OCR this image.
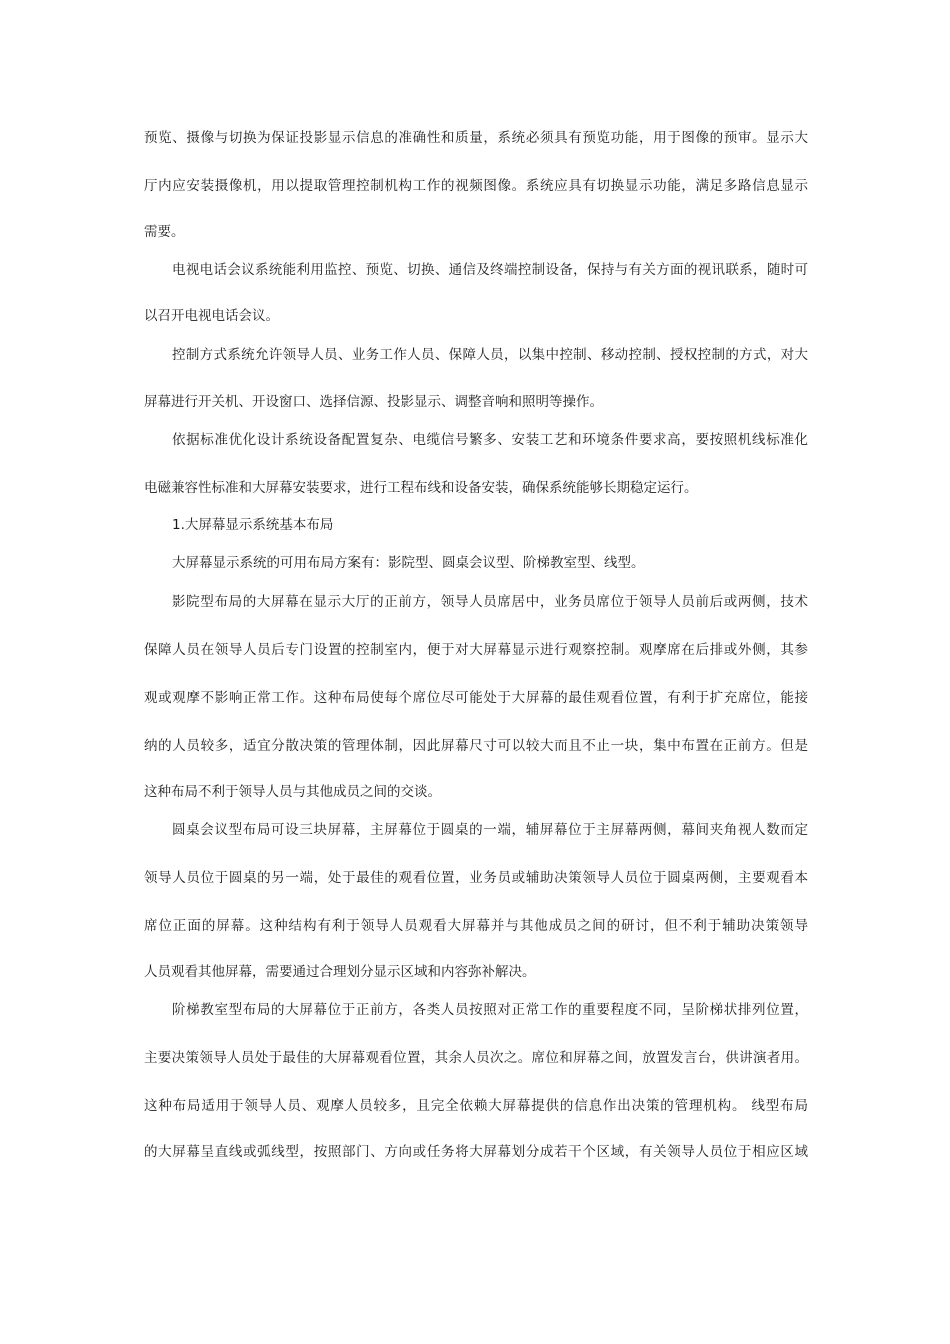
预览、摄像与切换为保证投影显示信息的准确性和质量，系统必须具有预览功能，用于图像的预审。显示大
厅内应安装摄像机，用以提取管理控制机构工作的视频图像。系统应具有切换显示功能，满足多路信息显示
需要。
电视电话会议系统能利用监控、预览、切换、通信及终端控制设备，保持与有关方面的视讯联系，随时可
以召开电视电话会议。
控制方式系统允许领导人员、业务工作人员、保障人员，以集中控制、移动控制、授权控制的方式，对大
屏幕进行开关机、开设窗口、选择信源、投影显示、调整音响和照明等操作。
依据标准优化设计系统设备配置复杂、电缆信号繁多、安装工艺和环境条件要求高，要按照机线标准化
电磁兼容性标准和大屏幕安装要求，进行工程布线和设备安装，确保系统能够长期稳定运行。
1.大屏幕显示系统基本布局
大屏幕显示系统的可用布局方案有：影院型、圆桌会议型、阶梯教室型、线型。
影院型布局的大屏幕在显示大厅的正前方，领导人员席居中，业务员席位于领导人员前后或两侧，技术
保障人员在领导人员后专门设置的控制室内，便于对大屏幕显示进行观察控制。观摩席在后排或外侧，其参
观或观摩不影响正常工作。这种布局使每个席位尽可能处于大屏幕的最佳观看位置，有利于扩充席位，能接
纳的人员较多，适宜分散决策的管理体制，因此屏幕尺寸可以较大而且不止一块，集中布置在正前方。但是
这种布局不利于领导人员与其他成员之间的交谈。
圆桌会议型布局可设三块屏幕，主屏幕位于圆桌的一端，辅屏幕位于主屏幕两侧，幕间夹角视人数而定
领导人员位于圆桌的另一端，处于最佳的观看位置，业务员或辅助决策领导人员位于圆桌两侧，主要观看本
席位正面的屏幕。这种结构有利于领导人员观看大屏幕并与其他成员之间的研讨，但不利于辅助决策领导
人员观看其他屏幕，需要通过合理划分显示区域和内容弥补解决。
阶梯教室型布局的大屏幕位于正前方，各类人员按照对正常工作的重要程度不同，呈阶梯状排列位置，
主要决策领导人员处于最佳的大屏幕观看位置，其余人员次之。席位和屏幕之间，放置发言台，供讲演者用。
这种布局适用于领导人员、观摩人员较多，且完全依赖大屏幕提供的信息作出决策的管理机构。 线型布局
的大屏幕呈直线或弧线型，按照部门、方向或任务将大屏幕划分成若干个区域，有关领导人员位于相应区域
